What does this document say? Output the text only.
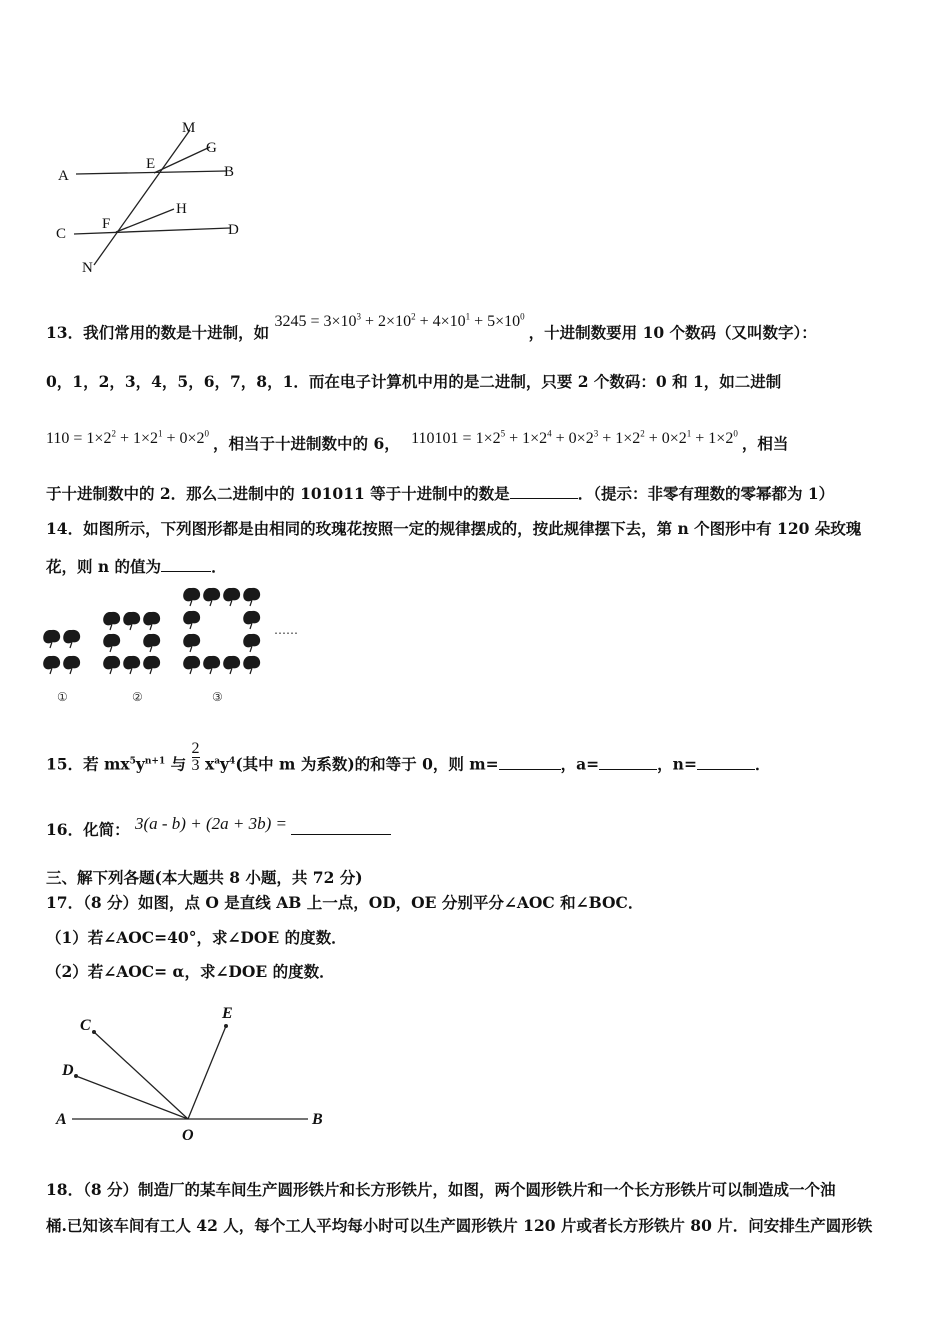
M
G
E
A	B
H
F
C	D
N
13．我们常用的数是十进制，如 $3245 = 3\times 10^3 + 2\times 10^2 + 4\times 10^1 + 5\times 10^0$ ，十进制数要用 10 个数码（又叫数字）：
0，1，2，3，4，5，6，7，8，1．而在电子计算机中用的是二进制，只要 2 个数码：0 和 1，如二进制
$110 = 1\times 2^2 + 1\times 2^1 + 0\times 2^0$ ，相当于十进制数中的 6， $110101 = 1\times 2^5 + 1\times 2^4 + 0\times 2^3 + 1\times 2^2 + 0\times 2^1 + 1\times 2^0$ ，相当
于十进制数中的 2．那么二进制中的 101011 等于十进制中的数是	．（提示：非零有理数的零幂都为 1）
14．如图所示，下列图形都是由相同的玫瑰花按照一定的规律摆成的，按此规律摆下去，第 n 个图形中有 120 朵玫瑰
花，则 n 的值为	．
……
①	②	③
15．若 $mx^5y^{n+1}$ 与 $\frac{2}{3} x^ay^4$(其中 m 为系数)的和等于 0，则 m=	，a=	，n=	．
16．化简： 3(a - b) + (2a + 3b) =
三、解下列各题(本大题共 8 小题，共 72 分)
17．（8 分）如图，点 O 是直线 AB 上一点，OD，OE 分别平分∠AOC 和∠BOC．
（1）若∠AOC=40°，求∠DOE 的度数．
（2）若∠AOC= α，求∠DOE 的度数．
C
E
D
A
O
B
18．（8 分）制造厂的某车间生产圆形铁片和长方形铁片，如图，两个圆形铁片和一个长方形铁片可以制造成一个油
桶.已知该车间有工人 42 人，每个工人平均每小时可以生产圆形铁片 120 片或者长方形铁片 80 片．问安排生产圆形铁
